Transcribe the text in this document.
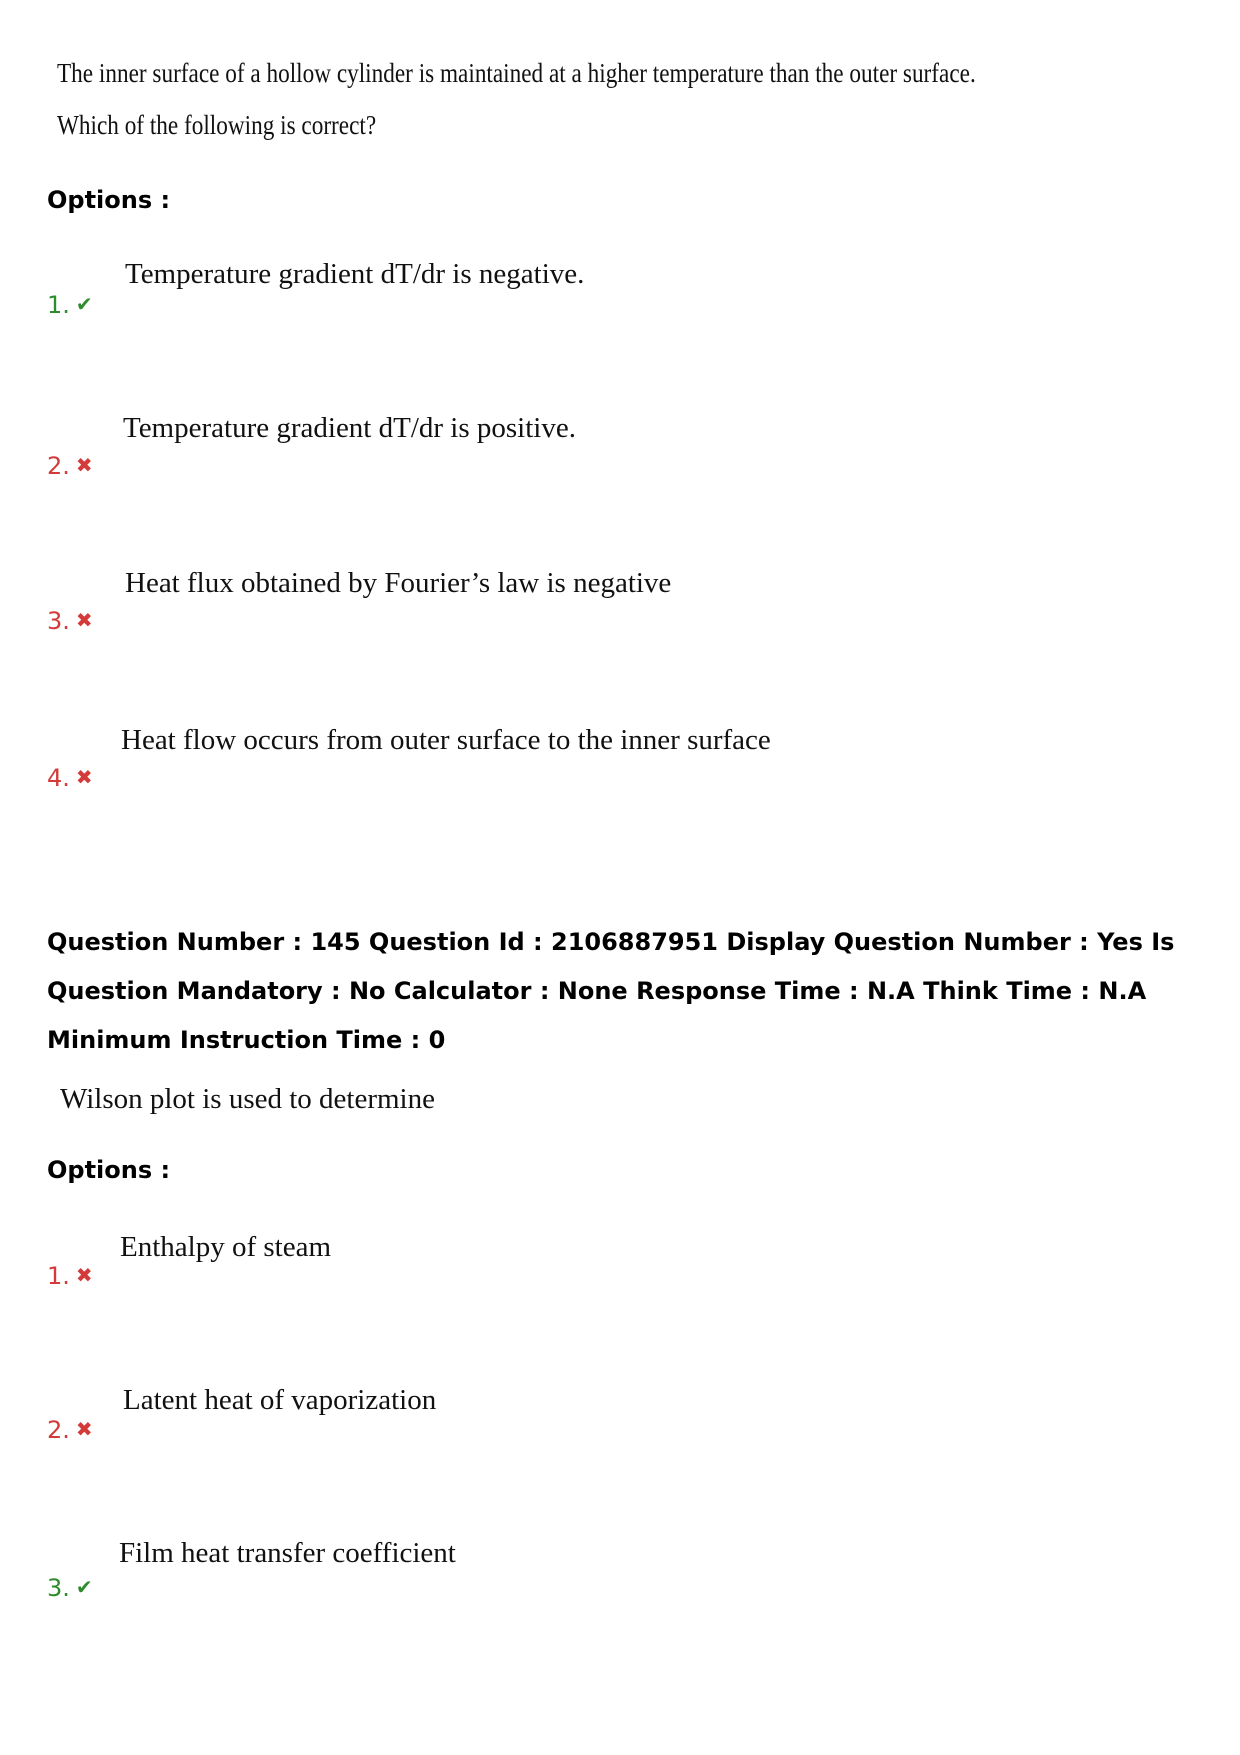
The inner surface of a hollow cylinder is maintained at a higher temperature than the outer surface.
Which of the following is correct?
Options :
Temperature gradient dT/dr is negative.
1. ✔
Temperature gradient dT/dr is positive.
2. ✖
Heat flux obtained by Fourier’s law is negative
3. ✖
Heat flow occurs from outer surface to the inner surface
4. ✖
Question Number : 145 Question Id : 2106887951 Display Question Number : Yes Is Question Mandatory : No Calculator : None Response Time : N.A Think Time : N.A Minimum Instruction Time : 0
Wilson plot is used to determine
Options :
Enthalpy of steam
1. ✖
Latent heat of vaporization
2. ✖
Film heat transfer coefficient
3. ✔
